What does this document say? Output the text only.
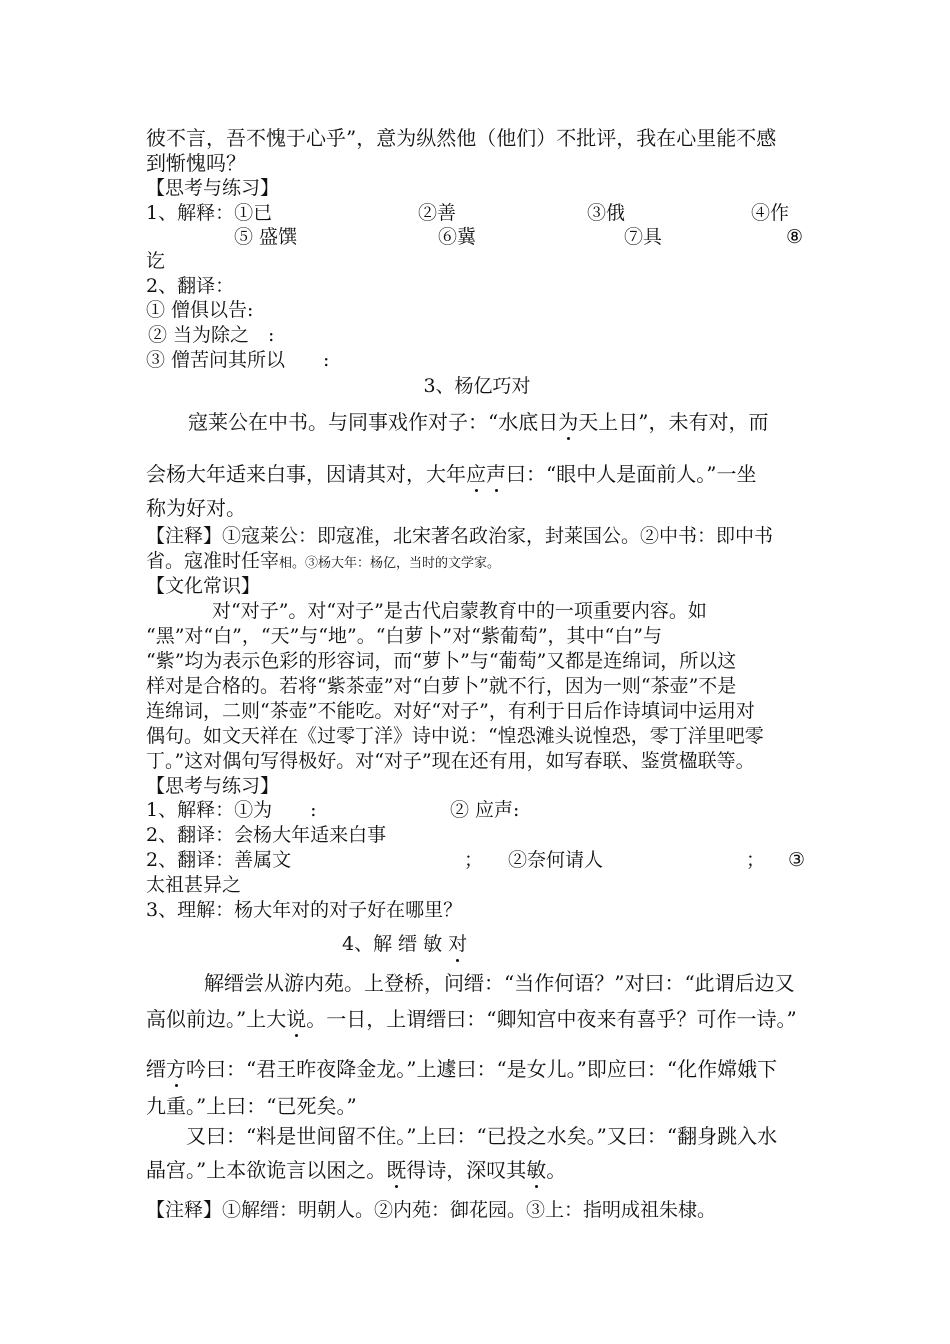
彼不言，吾不愧于心乎”，意为纵然他（他们）不批评，我在心里能不感
到惭愧吗？
【思考与练习】
1、解释：①已	②善	③俄	④作
⑤ 盛馔	⑥冀	⑦具	⑧
讫
2、翻译：
① 僧俱以告:
② 当为除之　:
③ 僧苦问其所以　　:
3、杨亿巧对
寇莱公在中书。与同事戏作对子：“水底日为天上日”，未有对，而
会杨大年适来白事，因请其对，大年应声曰：“眼中人是面前人。”一坐
称为好对。
【注释】①寇莱公：即寇准，北宋著名政治家，封莱国公。②中书：即中书
省。寇准时任宰相。③杨大年：杨亿，当时的文学家。
【文化常识】
对“对子”。对“对子”是古代启蒙教育中的一项重要内容。如
“黑”对“白”，“天”与“地”。“白萝卜”对“紫葡萄”，其中“白”与
“紫”均为表示色彩的形容词，而“萝卜”与“葡萄”又都是连绵词，所以这
样对是合格的。若将“紫茶壶”对“白萝卜”就不行，因为一则“茶壶”不是
连绵词，二则“茶壶”不能吃。对好“对子”，有利于日后作诗填词中运用对
偶句。如文天祥在《过零丁洋》诗中说：“惶恐滩头说惶恐，零丁洋里吧零
丁。”这对偶句写得极好。对“对子”现在还有用，如写春联、鉴赏楹联等。
【思考与练习】
1、解释：①为　　:	② 应声:
2、翻译：会杨大年适来白事
2、翻译：善属文	； ②奈何请人	； ③
太祖甚异之
3、理解：杨大年对的对子好在哪里？
4、解 缙 敏 对
解缙尝从游内苑。上登桥，问缙：“当作何语？”对曰：“此谓后边又
高似前边。”上大说。一日，上谓缙曰：“卿知宫中夜来有喜乎？可作一诗。”
缙方吟曰：“君王昨夜降金龙。”上遽曰：“是女儿。”即应曰：“化作嫦娥下
九重。”上曰：“已死矣。”
又曰：“料是世间留不住。”上曰：“已投之水矣。”又曰：“翻身跳入水
晶宫。”上本欲诡言以困之。既得诗，深叹其敏。
【注释】①解缙：明朝人。②内苑：御花园。③上：指明成祖朱棣。
